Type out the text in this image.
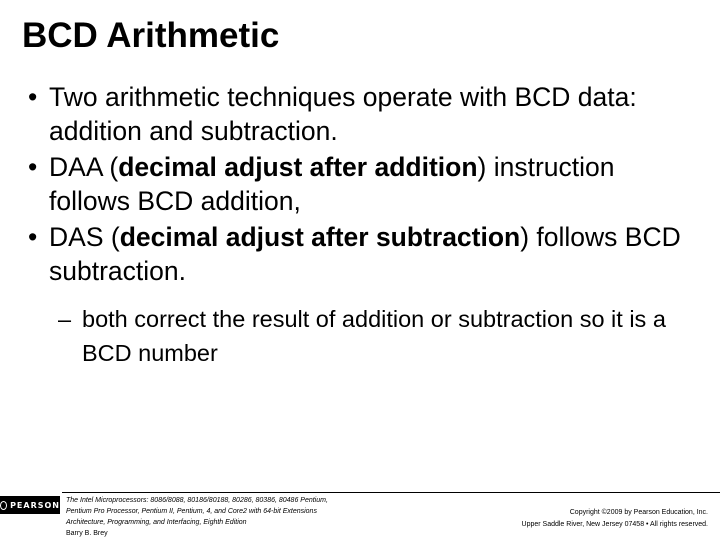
BCD Arithmetic
• Two arithmetic techniques operate with BCD data: addition and subtraction.
• DAA (decimal adjust after addition) instruction follows BCD addition,
• DAS (decimal adjust after subtraction) follows BCD subtraction.
– both correct the result of addition or subtraction so it is a BCD number
PEARSON The Intel Microprocessors: 8086/8088, 80186/80188, 80286, 80386, 80486 Pentium,
Pentium Pro Processor, Pentium II, Pentium, 4, and Core2 with 64-bit Extensions
Architecture, Programming, and Interfacing, Eighth Edition
Barry B. Brey
Copyright ©2009 by Pearson Education, Inc.
Upper Saddle River, New Jersey 07458 • All rights reserved.
